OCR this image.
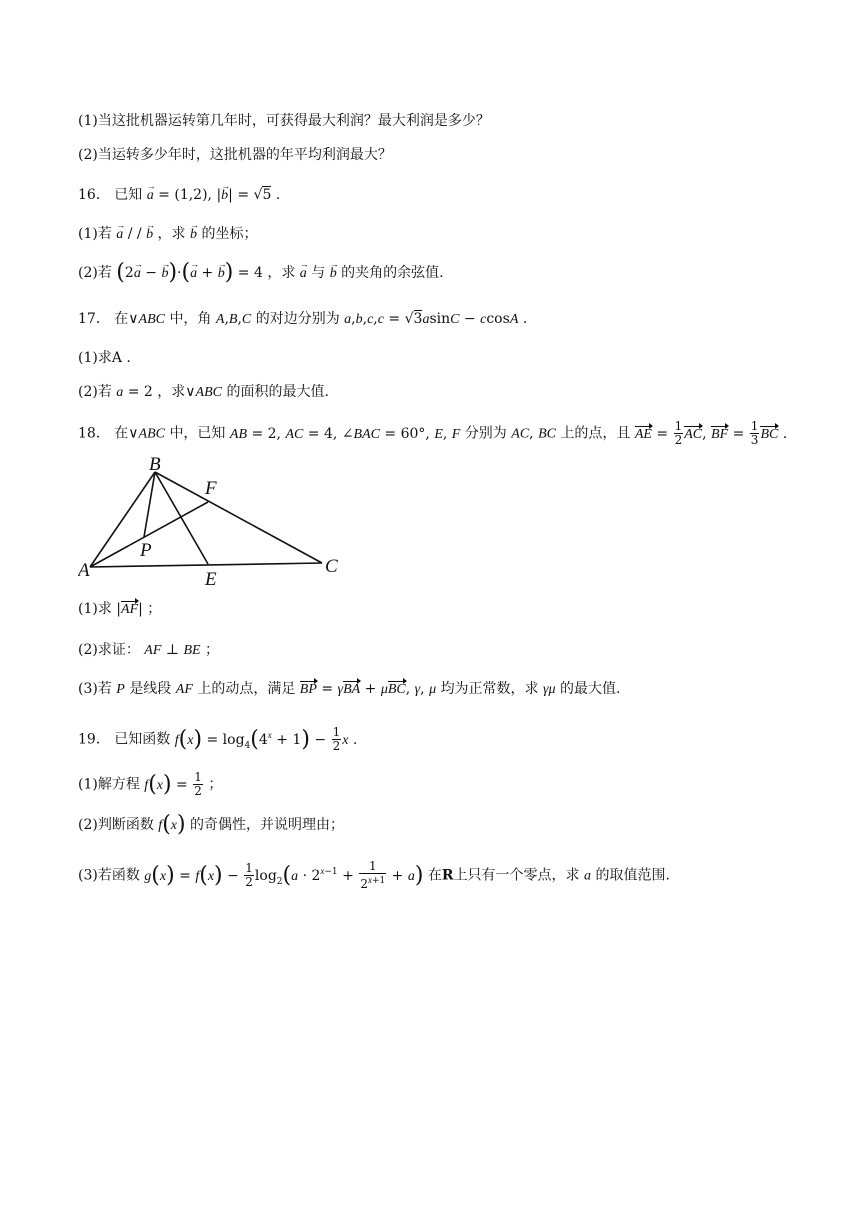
(1)当这批机器运转第几年时，可获得最大利润？最大利润是多少？
(2)当运转多少年时，这批机器的年平均利润最大？
16． 已知 → a = (1,2), |→ b| = √5 .
(1)若 → a / / → b ，求 → b 的坐标；
(2)若 (2→ a − → b)·(→ a + → b) = 4 ，求 → a 与 → b 的夹角的余弦值.
17． 在∨ABC 中，角 A,B,C 的对边分别为 a,b,c,c = √3asinC − ccosA .
(1)求A .
(2)若 a = 2 ，求∨ABC 的面积的最大值.
18． 在∨ABC 中，已知 AB = 2, AC = 4, ∠BAC = 60°, E, F 分别为 AC, BC 上的点，且 AE = $\frac{1}{2}$ AC, BF = $\frac{1}{3}$ BC .
B
F
P
A	E
C
(1)求 |AF| ；
(2)求证： AF ⊥ BE ；
(3)若 P 是线段 AF 上的动点，满足 BP = γBA + μBC, γ, μ 均为正常数，求 γμ 的最大值.
19． 已知函数 $f(x) = \log_4(4^x + 1) - \frac{1}{2}$ x .
(1)解方程 $f(x) = \frac{1}{2}$ ；
(2)判断函数 f(x) 的奇偶性，并说明理由；
(3)若函数 $g(x) = f(x) - \frac{1}{2} \log_2(a \cdot 2^{x-1} + \frac{1}{2^{x+1}} + a)$ 在R上只有一个零点，求 a 的取值范围.
